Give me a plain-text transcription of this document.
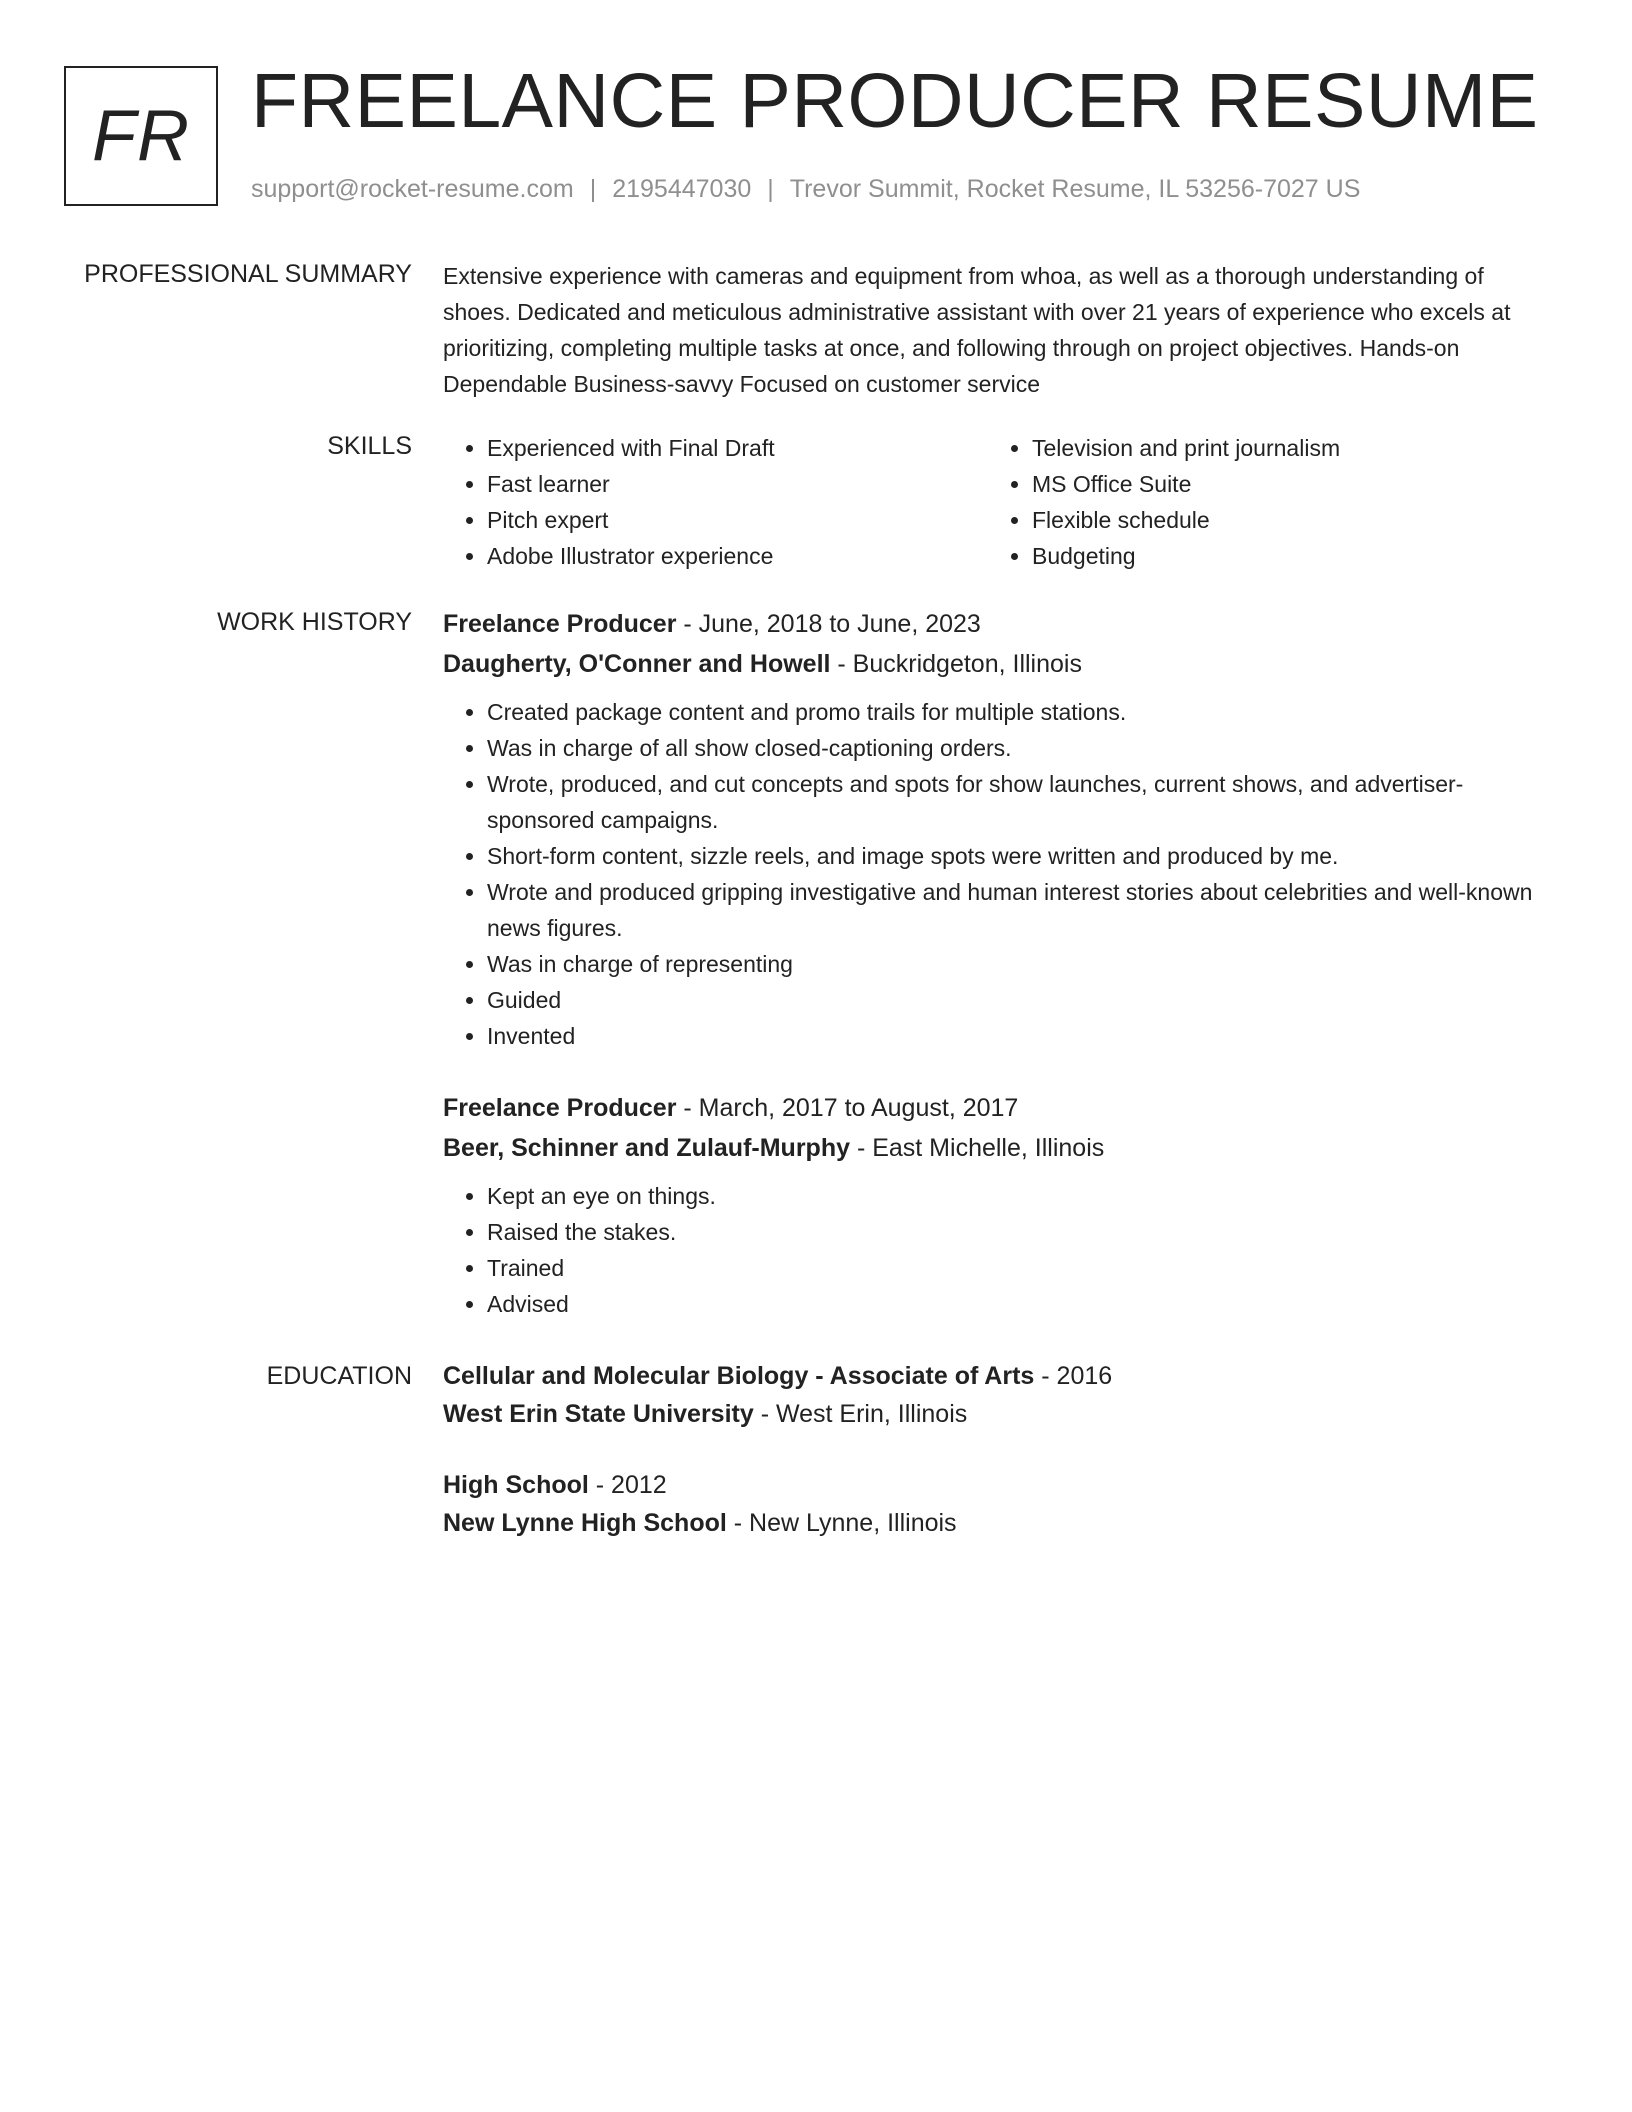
FR FREELANCE PRODUCER RESUME
support@rocket-resume.com | 2195447030 | Trevor Summit, Rocket Resume, IL 53256-7027 US
PROFESSIONAL SUMMARY Extensive experience with cameras and equipment from whoa, as well as a thorough understanding of shoes. Dedicated and meticulous administrative assistant with over 21 years of experience who excels at prioritizing, completing multiple tasks at once, and following through on project objectives. Hands-on Dependable Business-savvy Focused on customer service
SKILLS
•	Experienced with Final Draft
• Fast learner
• Pitch expert
• Adobe Illustrator experience
• Television and print journalism
• MS Office Suite
• Flexible schedule
• Budgeting
WORK HISTORY Freelance Producer - June, 2018 to June, 2023
Daugherty, O'Conner and Howell - Buckridgeton, Illinois
• Created package content and promo trails for multiple stations.
• Was in charge of all show closed-captioning orders.
• Wrote, produced, and cut concepts and spots for show launches, current shows, and advertiser-sponsored campaigns.
• Short-form content, sizzle reels, and image spots were written and produced by me.
• Wrote and produced gripping investigative and human interest stories about celebrities and well-known news figures.
• Was in charge of representing
• Guided
• Invented
Freelance Producer - March, 2017 to August, 2017
Beer, Schinner and Zulauf-Murphy - East Michelle, Illinois
• Kept an eye on things.
• Raised the stakes.
• Trained
• Advised
EDUCATION Cellular and Molecular Biology - Associate of Arts - 2016
West Erin State University - West Erin, Illinois
High School - 2012
New Lynne High School - New Lynne, Illinois
